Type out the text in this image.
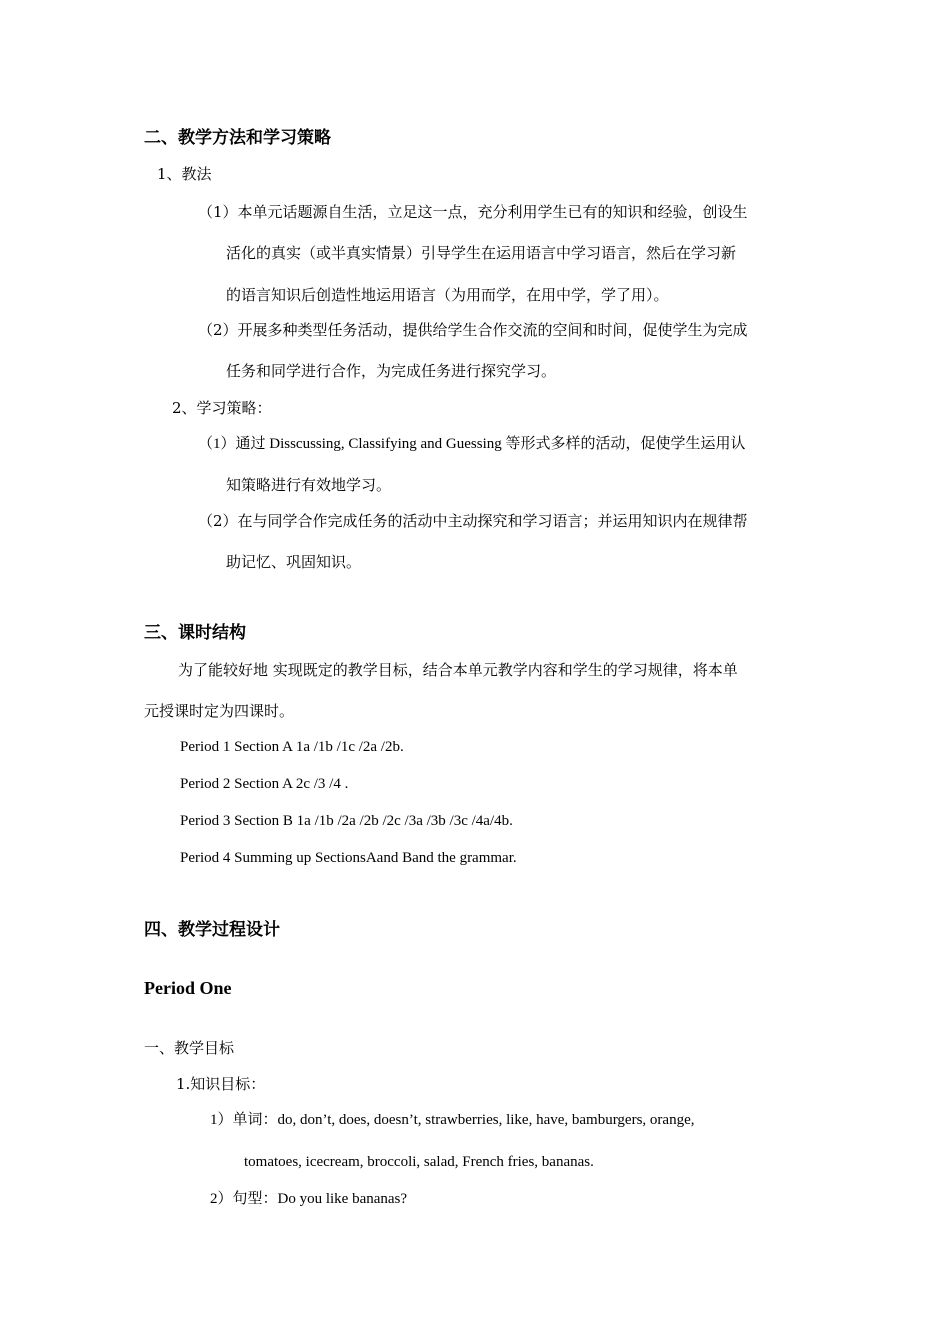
二、教学方法和学习策略
1、教法
（1）本单元话题源自生活，立足这一点，充分利用学生已有的知识和经验，创设生
活化的真实（或半真实情景）引导学生在运用语言中学习语言，然后在学习新
的语言知识后创造性地运用语言（为用而学，在用中学，学了用）。
（2）开展多种类型任务活动，提供给学生合作交流的空间和时间，促使学生为完成
任务和同学进行合作，为完成任务进行探究学习。
2、学习策略：
（1）通过 Disscussing, Classifying and Guessing 等形式多样的活动，促使学生运用认
知策略进行有效地学习。
（2）在与同学合作完成任务的活动中主动探究和学习语言；并运用知识内在规律帮
助记忆、巩固知识。
三、课时结构
为了能较好地 实现既定的教学目标，结合本单元教学内容和学生的学习规律，将本单
元授课时定为四课时。
Period 1 Section A 1a /1b /1c /2a /2b.
Period 2 Section A 2c /3 /4 .
Period 3 Section B 1a /1b /2a /2b /2c /3a /3b /3c /4a/4b.
Period 4 Summing up SectionsAand Band the grammar.
四、教学过程设计
Period One
一、教学目标
1.知识目标：
1）单词：do, don’t, does, doesn’t, strawberries, like, have, bamburgers, orange,
tomatoes, icecream, broccoli, salad, French fries, bananas.
2）句型：Do you like bananas?
